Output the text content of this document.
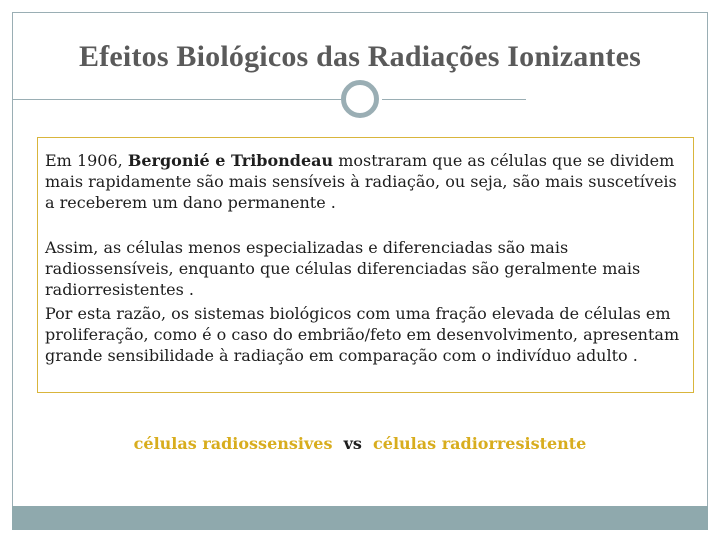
Efeitos Biológicos das Radiações Ionizantes

Em 1906, Bergonié e Tribondeau mostraram que as células que se dividem mais rapidamente são mais sensíveis à radiação, ou seja, são mais suscetíveis a receberem um dano permanente .

Assim, as células menos especializadas e diferenciadas são mais radiossensíveis, enquanto que células diferenciadas são geralmente mais radiorresistentes .

Por esta razão, os sistemas biológicos com uma fração elevada de células em proliferação, como é o caso do embrião/feto em desenvolvimento, apresentam grande sensibilidade à radiação em comparação com o indivíduo adulto .

células radiossensives vs células radiorresistente
